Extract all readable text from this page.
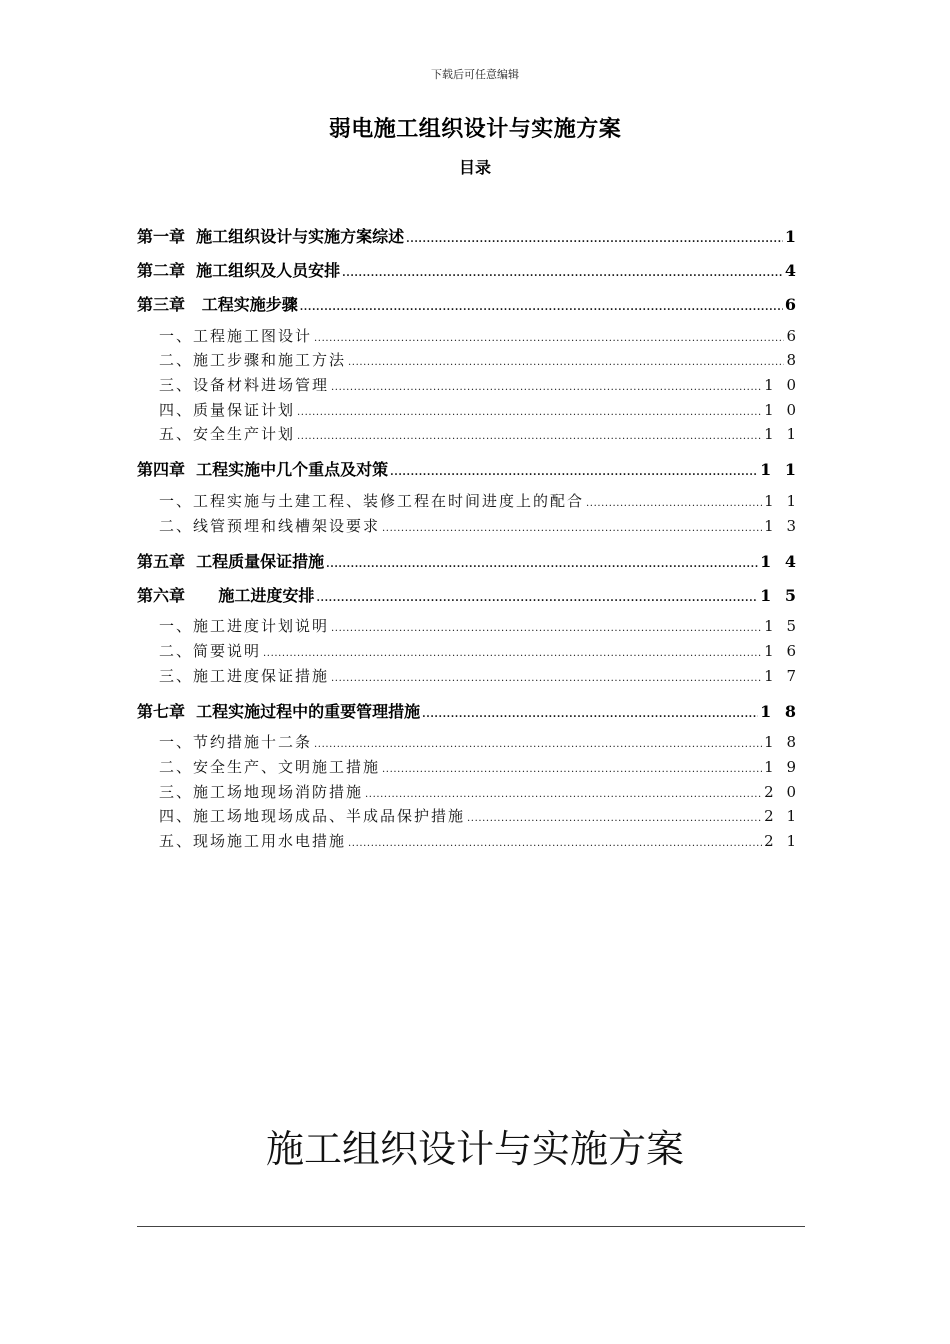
下载后可任意编辑
弱电施工组织设计与实施方案
目录
第一章  施工组织设计与实施方案综述 .....	1
第二章  施工组织及人员安排 .....	4
第三章   工程实施步骤 .....	6
一、工程施工图设计 .....	6
二、施工步骤和施工方法 .....	8
三、设备材料进场管理 .....	1 0
四、质量保证计划 .....	1 0
五、安全生产计划 .....	1 1
第四章  工程实施中几个重点及对策 .....	1 1
一、工程实施与土建工程、装修工程在时间进度上的配合 .....	1 1
二、线管预埋和线槽架设要求 .....	1 3
第五章  工程质量保证措施 .....	1 4
第六章      施工进度安排 .....	1 5
一、施工进度计划说明 .....	1 5
二、简要说明 .....	1 6
三、施工进度保证措施 .....	1 7
第七章  工程实施过程中的重要管理措施 .....	1 8
一、节约措施十二条 .....	1 8
二、安全生产、文明施工措施 .....	1 9
三、施工场地现场消防措施 .....	2 0
四、施工场地现场成品、半成品保护措施 .....	2 1
五、现场施工用水电措施 .....	2 1
施工组织设计与实施方案
